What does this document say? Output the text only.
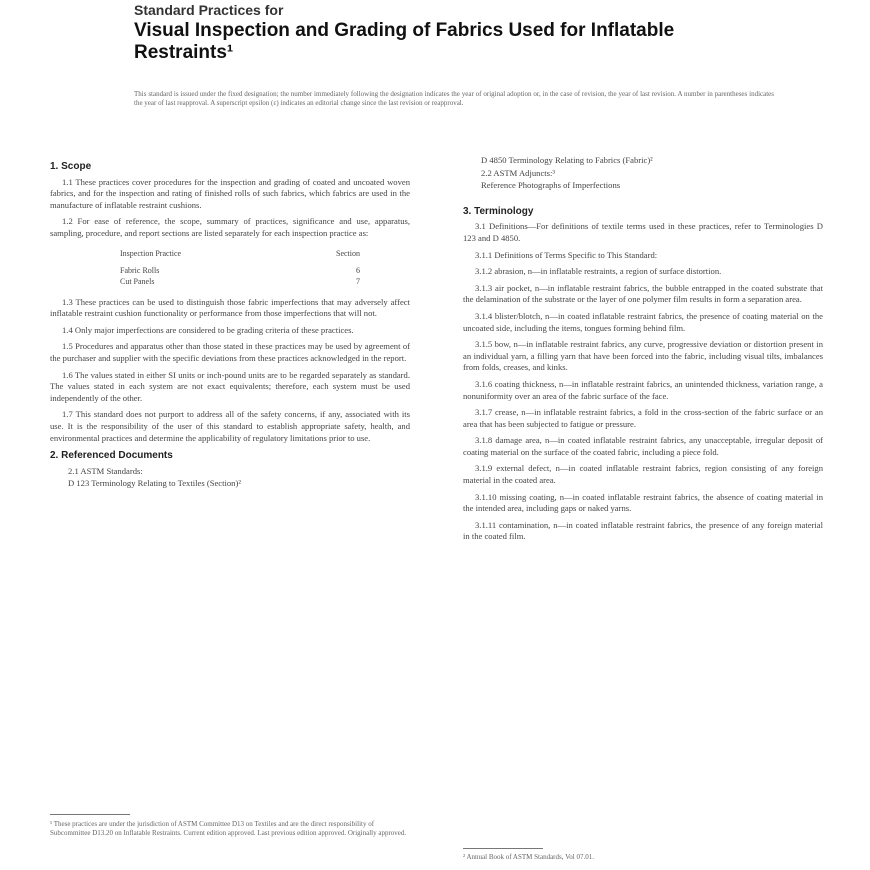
Standard Practices for
Visual Inspection and Grading of Fabrics Used for Inflatable
Restraints¹
This standard is issued under the fixed designation; the number immediately following the designation indicates the year of original adoption or, in the case of revision, the year of last revision. A number in parentheses indicates the year of last reapproval. A superscript epsilon (ε) indicates an editorial change since the last revision or reapproval.
1. Scope

1.1 These practices cover procedures for the inspection and grading of coated and uncoated woven fabrics, and for the inspection and rating of finished rolls of such fabrics, which fabrics are used in the manufacture of inflatable restraint cushions.

1.2 For ease of reference, the scope, summary of practices, significance and use, apparatus, sampling, procedure, and report sections are listed separately for each inspection practice as:

Inspection Practice	Section
Fabric Rolls	6
Cut Panels	7

1.3 These practices can be used to distinguish those fabric imperfections that may adversely affect inflatable restraint cushion functionality or performance from those imperfections that will not.

1.4 Only major imperfections are considered to be grading criteria of these practices.

1.5 Procedures and apparatus other than those stated in these practices may be used by agreement of the purchaser and supplier with the specific deviations from these practices acknowledged in the report.

1.6 The values stated in either SI units or inch-pound units are to be regarded separately as standard. The values stated in each system are not exact equivalents; therefore, each system must be used independently of the other.

1.7 This standard does not purport to address all of the safety concerns, if any, associated with its use. It is the responsibility of the user of this standard to establish appropriate safety, health, and environmental practices and determine the applicability of regulatory limitations prior to use.

2. Referenced Documents
2.1 ASTM Standards:
D 123 Terminology Relating to Textiles (Section)²
¹ These practices are under the jurisdiction of ASTM Committee D13 on Textiles and are the direct responsibility of Subcommittee D13.20 on Inflatable Restraints. Current edition approved. Last previous edition approved. Originally approved.
D 4850 Terminology Relating to Fabrics (Fabric)²
2.2 ASTM Adjuncts:³
Reference Photographs of Imperfections
3. Terminology

3.1 Definitions—For definitions of textile terms used in these practices, refer to Terminologies D 123 and D 4850.

3.1.1 Definitions of Terms Specific to This Standard:

3.1.2 abrasion, n—in inflatable restraints, a region of surface distortion.

3.1.3 air pocket, n—in inflatable restraint fabrics, the bubble entrapped in the coated substrate that the delamination of the substrate or the layer of one polymer film results in form a separation area.

3.1.4 blister/blotch, n—in coated inflatable restraint fabrics, the presence of coating material on the uncoated side, including the items, tongues forming behind film.

3.1.5 bow, n—in inflatable restraint fabrics, any curve, progressive deviation or distortion present in an individual yarn, a filling yarn that have been forced into the fabric, including visual tilts, imbalances from folds, creases, and kinks.

3.1.6 coating thickness, n—in inflatable restraint fabrics, an unintended thickness, variation range, a nonuniformity over an area of the fabric surface of the face.

3.1.7 crease, n—in inflatable restraint fabrics, a fold in the cross-section of the fabric surface or an area that has been subjected to fatigue or pressure.

3.1.8 damage area, n—in coated inflatable restraint fabrics, any unacceptable, irregular deposit of coating material on the surface of the coated fabric, including a piece fold.

3.1.9 external defect, n—in coated inflatable restraint fabrics, region consisting of any foreign material in the coated area.

3.1.10 missing coating, n—in coated inflatable restraint fabrics, the absence of coating material in the intended area, including gaps or naked yarns.

3.1.11 contamination, n—in coated inflatable restraint fabrics, the presence of any foreign material in the coated film.

² Annual Book of ASTM Standards, Vol 07.01.
